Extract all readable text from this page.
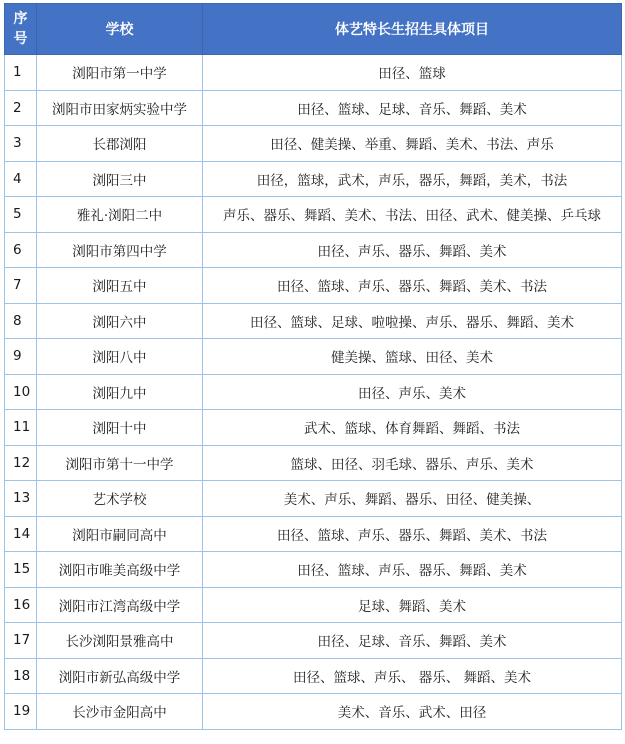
序
号	学校	体艺特长生招生具体项目
1	浏阳市第一中学	田径、篮球
2	浏阳市田家炳实验中学	田径、篮球、足球、音乐、舞蹈、美术
3	长郡浏阳	田径、健美操、举重、舞蹈、美术、书法、声乐
4	浏阳三中	田径，篮球，武术，声乐，器乐，舞蹈，美术，书法
5	雅礼·浏阳二中	声乐、器乐、舞蹈、美术、书法、田径、武术、健美操、乒乓球
6	浏阳市第四中学	田径、声乐、器乐、舞蹈、美术
7	浏阳五中	田径、篮球、声乐、器乐、舞蹈、美术、书法
8	浏阳六中	田径、篮球、足球、啦啦操、声乐、器乐、舞蹈、美术
9	浏阳八中	健美操、篮球、田径、美术
10	浏阳九中	田径、声乐、美术
11	浏阳十中	武术、篮球、体育舞蹈、舞蹈、书法
12	浏阳市第十一中学	篮球、田径、羽毛球、器乐、声乐、美术
13	艺术学校	美术、声乐、舞蹈、器乐、田径、健美操、
14	浏阳市嗣同高中	田径、篮球、声乐、器乐、舞蹈、美术、书法
15	浏阳市唯美高级中学	田径、篮球、声乐、器乐、舞蹈、美术
16	浏阳市江湾高级中学	足球、舞蹈、美术
17	长沙浏阳景雅高中	田径、足球、音乐、舞蹈、美术
18	浏阳市新弘高级中学	田径、篮球、声乐、 器乐、 舞蹈、美术
19	长沙市金阳高中	美术、音乐、武术、田径
